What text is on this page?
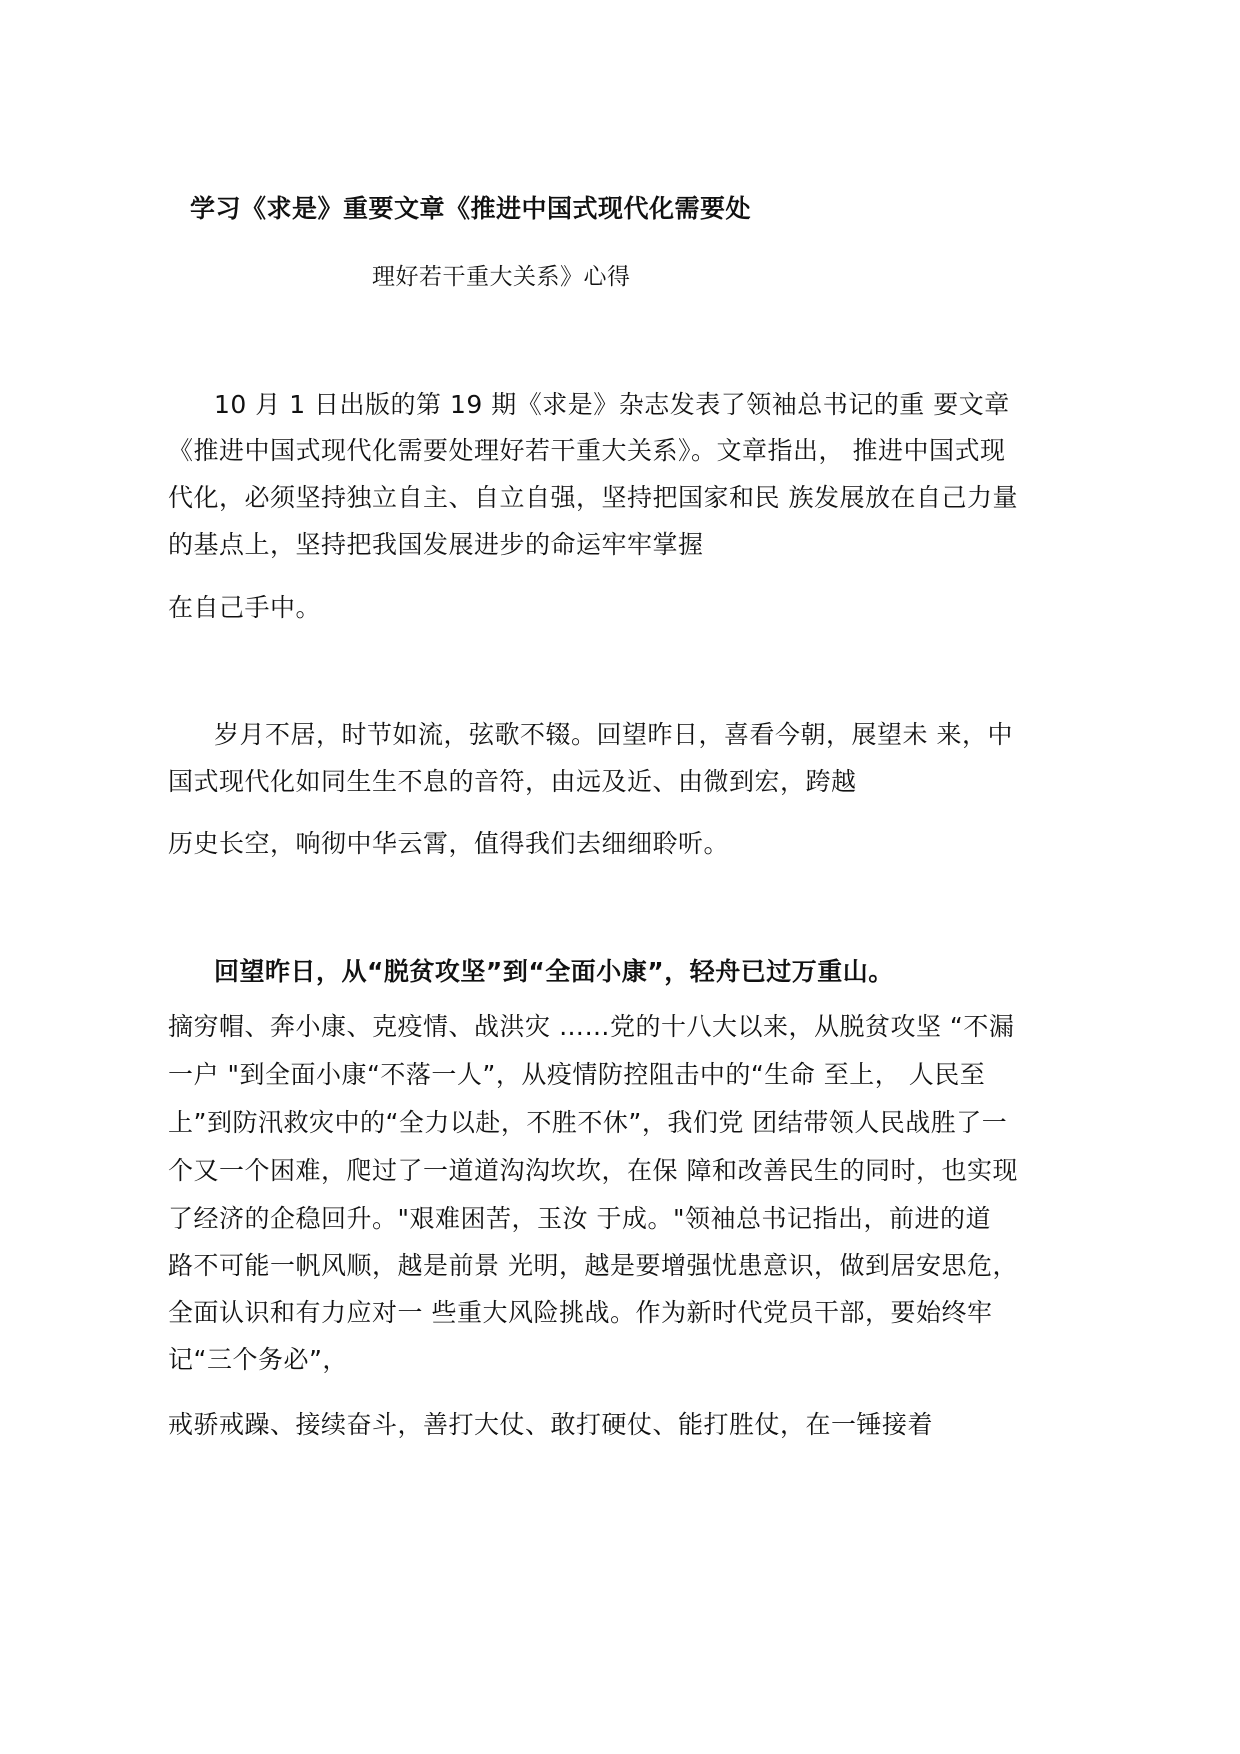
学习《求是》重要文章《推进中国式现代化需要处
理好若干重大关系》心得
10 月 1 日出版的第 19 期《求是》杂志发表了领袖总书记的重 要文章
《推进中国式现代化需要处理好若干重大关系》。文章指出， 推进中国式现
代化，必须坚持独立自主、自立自强，坚持把国家和民 族发展放在自己力量
的基点上，坚持把我国发展进步的命运牢牢掌握
在自己手中。
岁月不居，时节如流，弦歌不辍。回望昨日，喜看今朝，展望未 来，中
国式现代化如同生生不息的音符，由远及近、由微到宏，跨越
历史长空，响彻中华云霄，值得我们去细细聆听。
回望昨日，从“脱贫攻坚”到“全面小康”，轻舟已过万重山。
摘穷帽、奔小康、克疫情、战洪灾 ……党的十八大以来，从脱贫攻坚 “不漏
一户 "到全面小康“不落一人”，从疫情防控阻击中的“生命 至上， 人民至
上”到防汛救灾中的“全力以赴，不胜不休”，我们党 团结带领人民战胜了一
个又一个困难，爬过了一道道沟沟坎坎，在保 障和改善民生的同时，也实现
了经济的企稳回升。"艰难困苦，玉汝 于成。"领袖总书记指出，前进的道
路不可能一帆风顺，越是前景 光明，越是要增强忧患意识，做到居安思危，
全面认识和有力应对一 些重大风险挑战。作为新时代党员干部，要始终牢
记“三个务必”，
戒骄戒躁、接续奋斗，善打大仗、敢打硬仗、能打胜仗，在一锤接着
